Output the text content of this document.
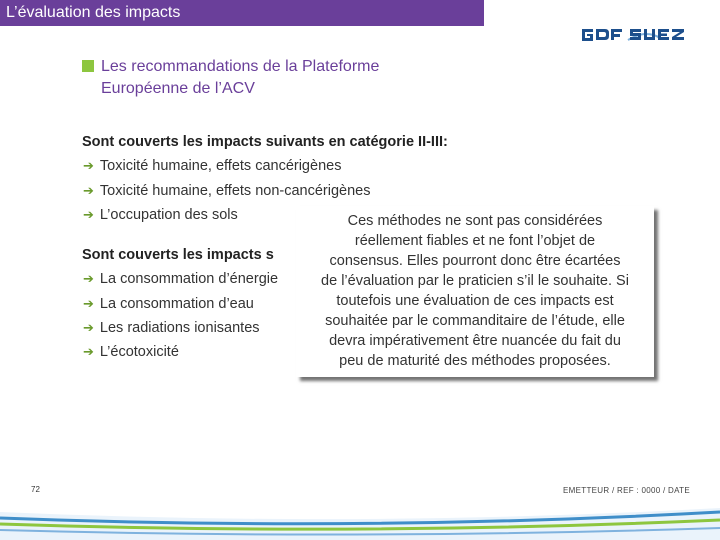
L’évaluation des impacts
Les recommandations de la Plateforme
Européenne de l’ACV
Sont couverts les impacts suivants en catégorie II-III:
➔ Toxicité humaine, effets cancérigènes
➔ Toxicité humaine, effets non-cancérigènes
➔ L’occupation des sols
Sont couverts les impacts s
➔ La consommation d’énergie
➔ La consommation d’eau
➔ Les radiations ionisantes
➔ L’écotoxicité
Ces méthodes ne sont pas considérées
réellement fiables et ne font l’objet de
consensus. Elles pourront donc être écartées
de l’évaluation par le praticien s’il le souhaite. Si
toutefois une évaluation de ces impacts est
souhaitée par le commanditaire de l’étude, elle
devra impérativement être nuancée du fait du
peu de maturité des méthodes proposées.
72	EMETTEUR / REF : 0000 / DATE
